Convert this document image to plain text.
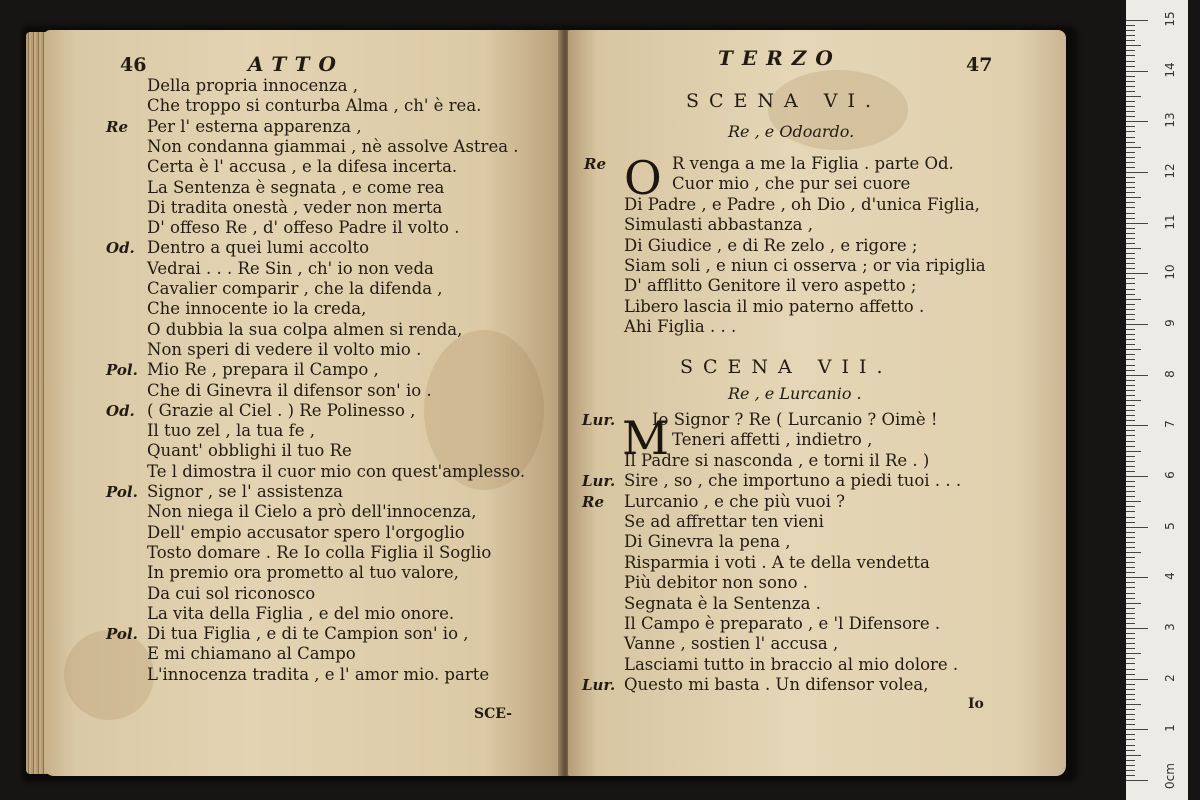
46	ATTO
Della propria innocenza ,
Che troppo si conturba Alma , ch' è rea.
Re Per l' esterna apparenza ,
Non condanna giammai , nè assolve Astrea .
Certa è l' accusa , e la difesa incerta.
La Sentenza è segnata , e come rea
Di tradita onestà , veder non merta
D' offeso Re , d' offeso Padre il volto .
Od. Dentro a quei lumi accolto
Vedrai . . . Re Sin , ch' io non veda
Cavalier comparir , che la difenda ,
Che innocente io la creda,
O dubbia la sua colpa almen si renda,
Non speri di vedere il volto mio .
Pol. Mio Re , prepara il Campo ,
Che di Ginevra il difensor son' io .
Od. ( Grazie al Ciel . ) Re Polinesso ,
Il tuo zel , la tua fe ,
Quant' obblighi il tuo Re
Te l dimostra il cuor mio con quest'amplesso.
Pol. Signor , se l' assistenza
Non niega il Cielo a prò dell'innocenza,
Dell' empio accusator spero l'orgoglio
Tosto domare . Re Io colla Figlia il Soglio
In premio ora prometto al tuo valore,
Da cui sol riconosco
La vita della Figlia , e del mio onore.
Pol. Di tua Figlia , e di te Campion son' io ,
E mi chiamano al Campo
L'innocenza tradita , e l' amor mio. parte
SCE-
TERZO	47
SCENA VI.
Re , e Odoardo.
Re O R venga a me la Figlia . parte Od.
Cuor mio , che pur sei cuore
Di Padre , e Padre , oh Dio , d'unica Figlia,
Simulasti abbastanza ,
Di Giudice , e di Re zelo , e rigore ;
Siam soli , e niun ci osserva ; or via ripiglia
D' afflitto Genitore il vero aspetto ;
Libero lascia il mio paterno affetto .
Ahi Figlia . . .
SCENA VII.
Re , e Lurcanio .
M
Lur. Io Signor ? Re ( Lurcanio ? Oimè !
Teneri affetti , indietro ,
Il Padre si nasconda , e torni il Re . )
Lur. Sire , so , che importuno a piedi tuoi . . .
Re Lurcanio , e che più vuoi ?
Se ad affrettar ten vieni
Di Ginevra la pena ,
Risparmia i voti . A te della vendetta
Più debitor non sono .
Segnata è la Sentenza .
Il Campo è preparato , e 'l Difensore .
Vanne , sostien l' accusa ,
Lasciami tutto in braccio al mio dolore .
Lur. Questo mi basta . Un difensor volea,
Io
15
14
13
12
11
10
9
8
7
6
5
4
3
2
1
0cm
